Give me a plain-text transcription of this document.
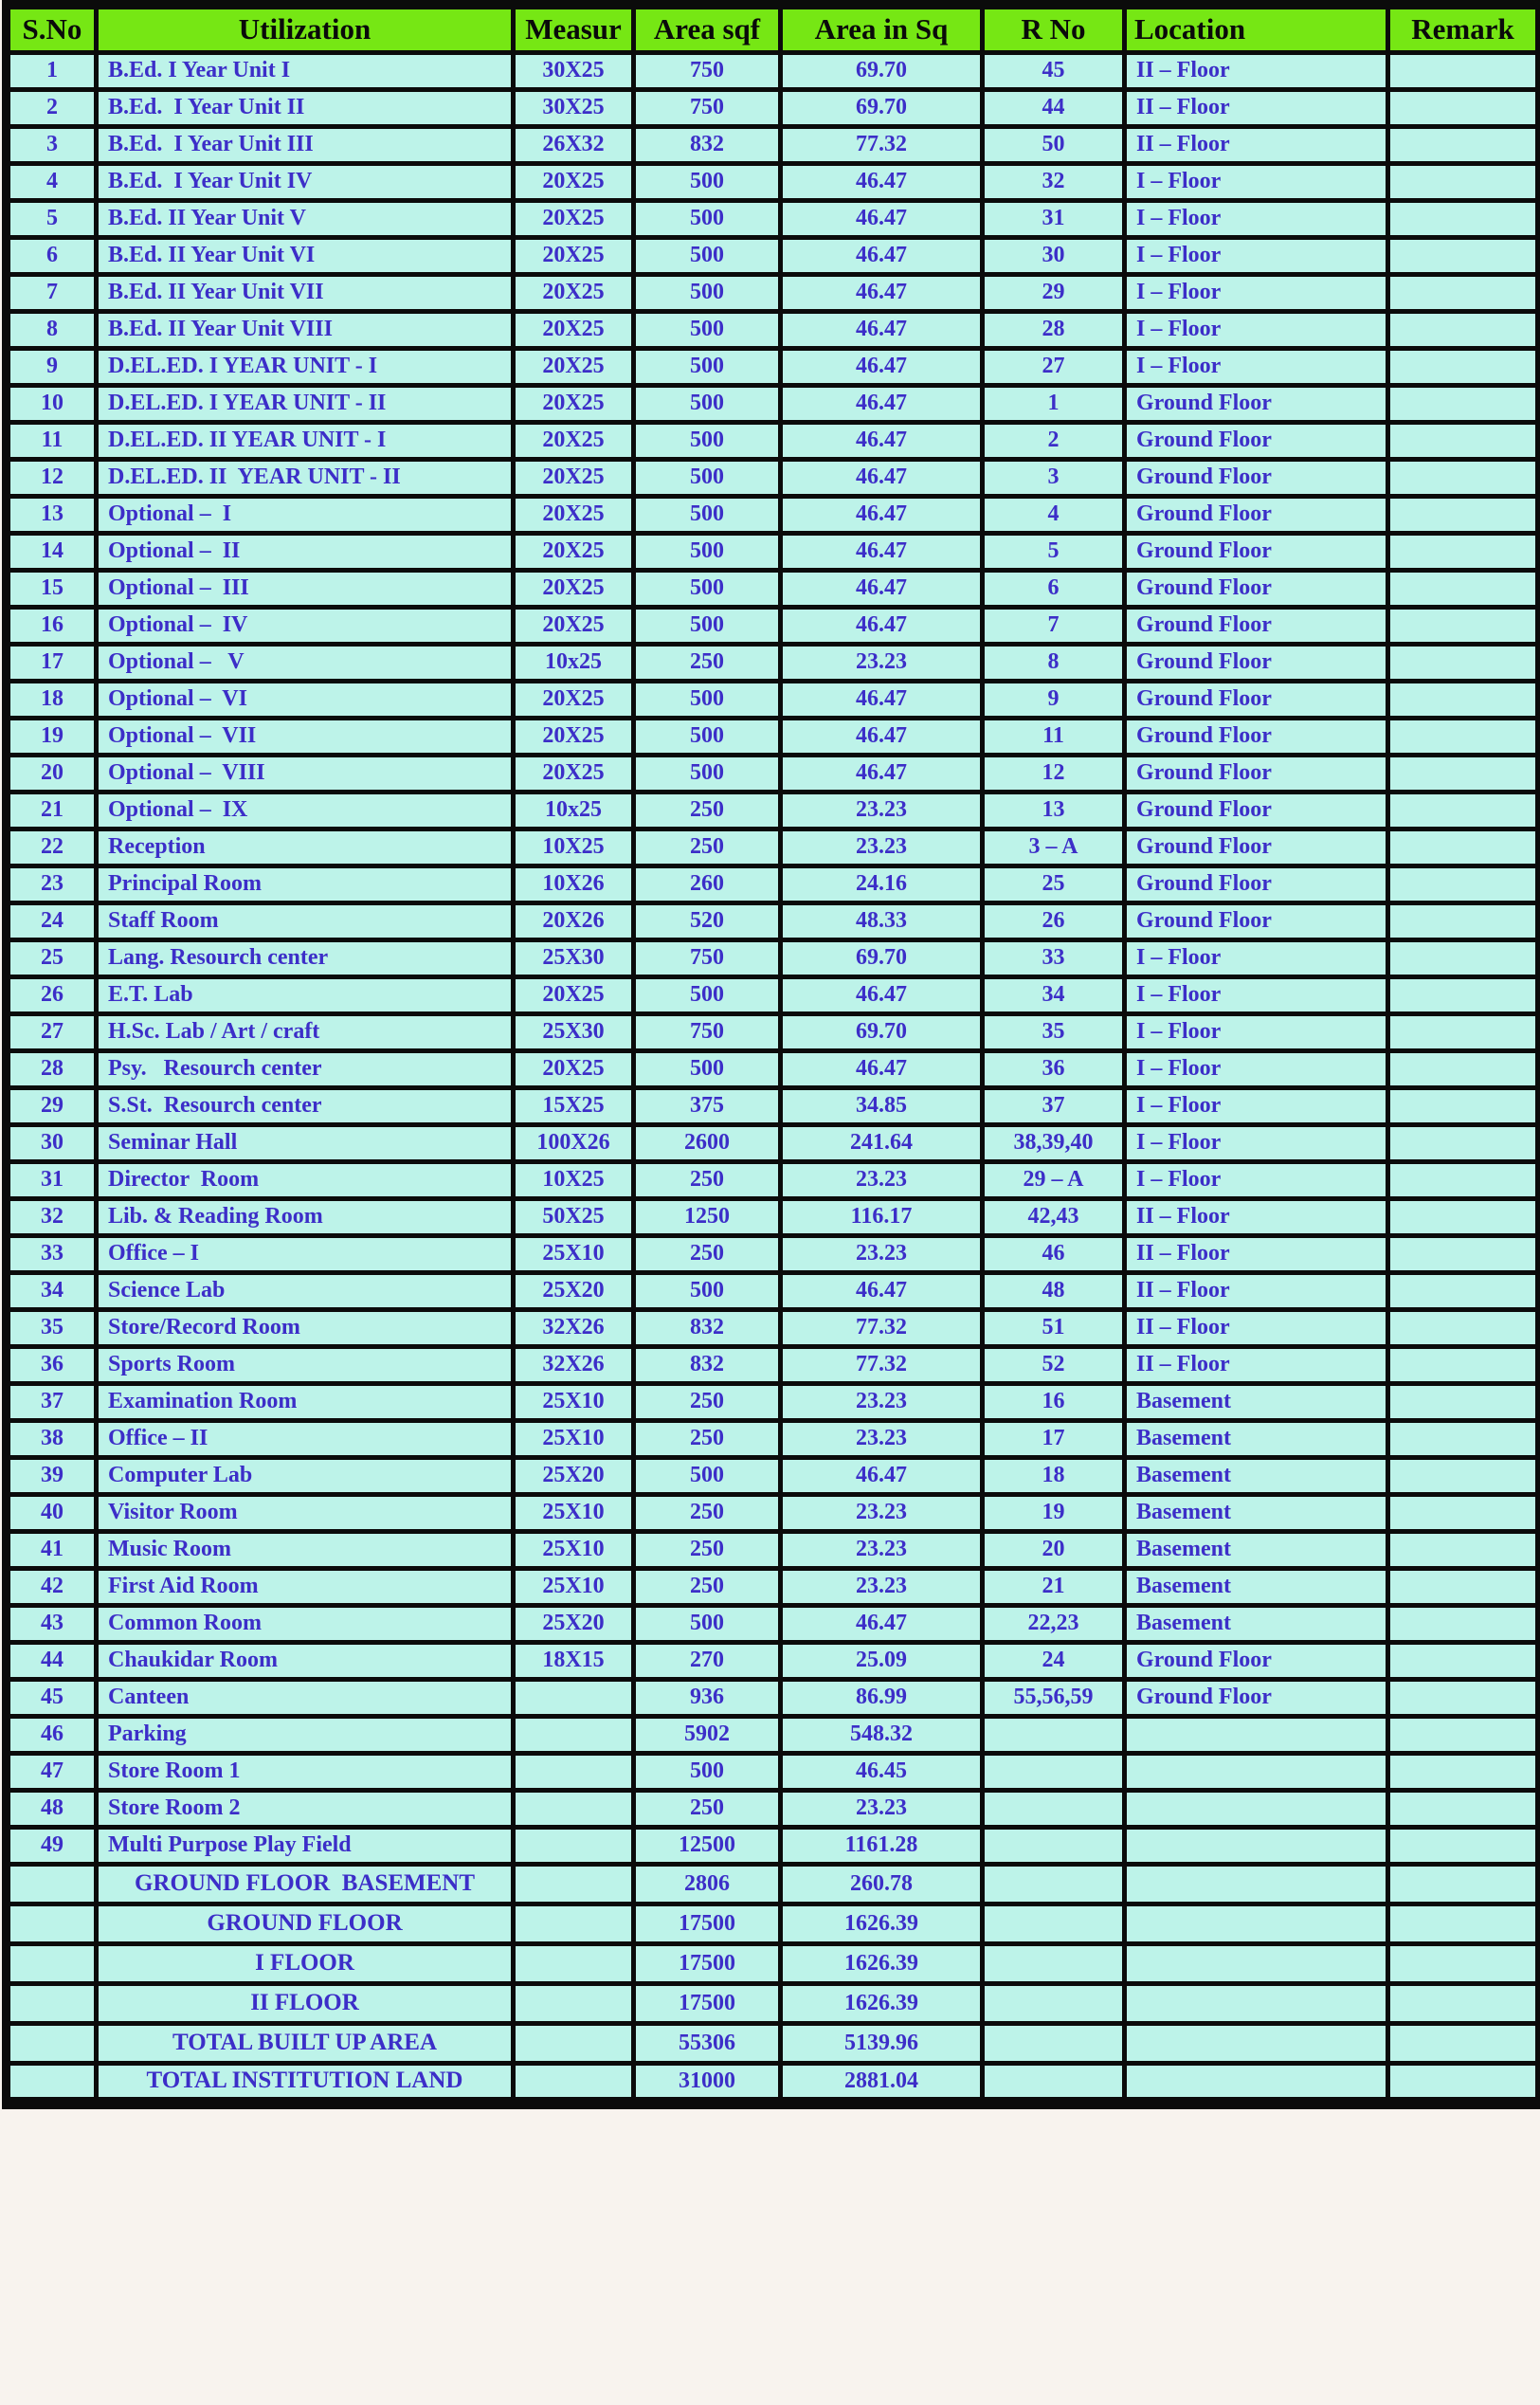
S.No	Utilization	Measur	Area sqf	Area in Sq	R No	Location	Remark
1	B.Ed. I Year Unit I	30X25	750	69.70	45	II – Floor	
2	B.Ed.  I Year Unit II	30X25	750	69.70	44	II – Floor	
3	B.Ed.  I Year Unit III	26X32	832	77.32	50	II – Floor	
4	B.Ed.  I Year Unit IV	20X25	500	46.47	32	I – Floor	
5	B.Ed. II Year Unit V	20X25	500	46.47	31	I – Floor	
6	B.Ed. II Year Unit VI	20X25	500	46.47	30	I – Floor	
7	B.Ed. II Year Unit VII	20X25	500	46.47	29	I – Floor	
8	B.Ed. II Year Unit VIII	20X25	500	46.47	28	I – Floor	
9	D.EL.ED. I YEAR UNIT - I	20X25	500	46.47	27	I – Floor	
10	D.EL.ED. I YEAR UNIT - II	20X25	500	46.47	1	Ground Floor	
11	D.EL.ED. II YEAR UNIT - I	20X25	500	46.47	2	Ground Floor	
12	D.EL.ED. II  YEAR UNIT - II	20X25	500	46.47	3	Ground Floor	
13	Optional –  I	20X25	500	46.47	4	Ground Floor	
14	Optional –  II	20X25	500	46.47	5	Ground Floor	
15	Optional –  III	20X25	500	46.47	6	Ground Floor	
16	Optional –  IV	20X25	500	46.47	7	Ground Floor	
17	Optional –   V	10x25	250	23.23	8	Ground Floor	
18	Optional –  VI	20X25	500	46.47	9	Ground Floor	
19	Optional –  VII	20X25	500	46.47	11	Ground Floor	
20	Optional –  VIII	20X25	500	46.47	12	Ground Floor	
21	Optional –  IX	10x25	250	23.23	13	Ground Floor	
22	Reception	10X25	250	23.23	3 – A	Ground Floor	
23	Principal Room	10X26	260	24.16	25	Ground Floor	
24	Staff Room	20X26	520	48.33	26	Ground Floor	
25	Lang. Resourch center	25X30	750	69.70	33	I – Floor	
26	E.T. Lab	20X25	500	46.47	34	I – Floor	
27	H.Sc. Lab / Art / craft	25X30	750	69.70	35	I – Floor	
28	Psy.   Resourch center	20X25	500	46.47	36	I – Floor	
29	S.St.  Resourch center	15X25	375	34.85	37	I – Floor	
30	Seminar Hall	100X26	2600	241.64	38,39,40	I – Floor	
31	Director  Room	10X25	250	23.23	29 – A	I – Floor	
32	Lib. & Reading Room	50X25	1250	116.17	42,43	II – Floor	
33	Office – I	25X10	250	23.23	46	II – Floor	
34	Science Lab	25X20	500	46.47	48	II – Floor	
35	Store/Record Room	32X26	832	77.32	51	II – Floor	
36	Sports Room	32X26	832	77.32	52	II – Floor	
37	Examination Room	25X10	250	23.23	16	Basement	
38	Office – II	25X10	250	23.23	17	Basement	
39	Computer Lab	25X20	500	46.47	18	Basement	
40	Visitor Room	25X10	250	23.23	19	Basement	
41	Music Room	25X10	250	23.23	20	Basement	
42	First Aid Room	25X10	250	23.23	21	Basement	
43	Common Room	25X20	500	46.47	22,23	Basement	
44	Chaukidar Room	18X15	270	25.09	24	Ground Floor	
45	Canteen		936	86.99	55,56,59	Ground Floor	
46	Parking		5902	548.32			
47	Store Room 1		500	46.45			
48	Store Room 2		250	23.23			
49	Multi Purpose Play Field		12500	1161.28			
	GROUND FLOOR  BASEMENT		2806	260.78			
	GROUND FLOOR		17500	1626.39			
	I FLOOR		17500	1626.39			
	II FLOOR		17500	1626.39			
	TOTAL BUILT UP AREA		55306	5139.96			
	TOTAL INSTITUTION LAND		31000	2881.04			
